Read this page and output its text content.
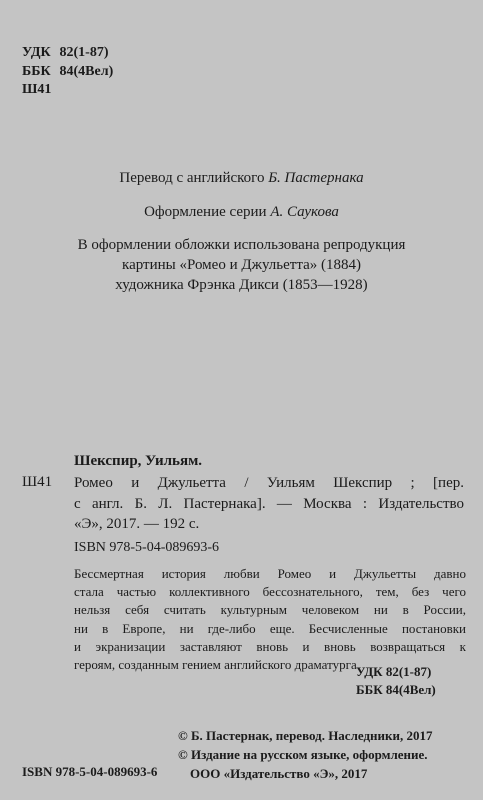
УДК 82(1-87)
ББК 84(4Вел)
Ш41
Перевод с английского Б. Пастернака
Оформление серии А. Саукова
В оформлении обложки использована репродукция
картины «Ромео и Джульетта» (1884)
художника Фрэнка Дикси (1853—1928)
Шекспир, Уильям.
Ш41 Ромео и Джульетта / Уильям Шекспир ; [пер.
с англ. Б. Л. Пастернака]. — Москва : Издательство
«Э», 2017. — 192 с.
ISBN 978-5-04-089693-6
Бессмертная история любви Ромео и Джульетты давно
стала частью коллективного бессознательного, тем, без чего
нельзя себя считать культурным человеком ни в России,
ни в Европе, ни где-либо еще. Бесчисленные постановки
и экранизации заставляют вновь и вновь возвращаться к
героям, созданным гением английского драматурга.
УДК 82(1-87)
ББК 84(4Вел)
© Б. Пастернак, перевод. Наследники, 2017
© Издание на русском языке, оформление.
ООО «Издательство «Э», 2017
ISBN 978-5-04-089693-6
